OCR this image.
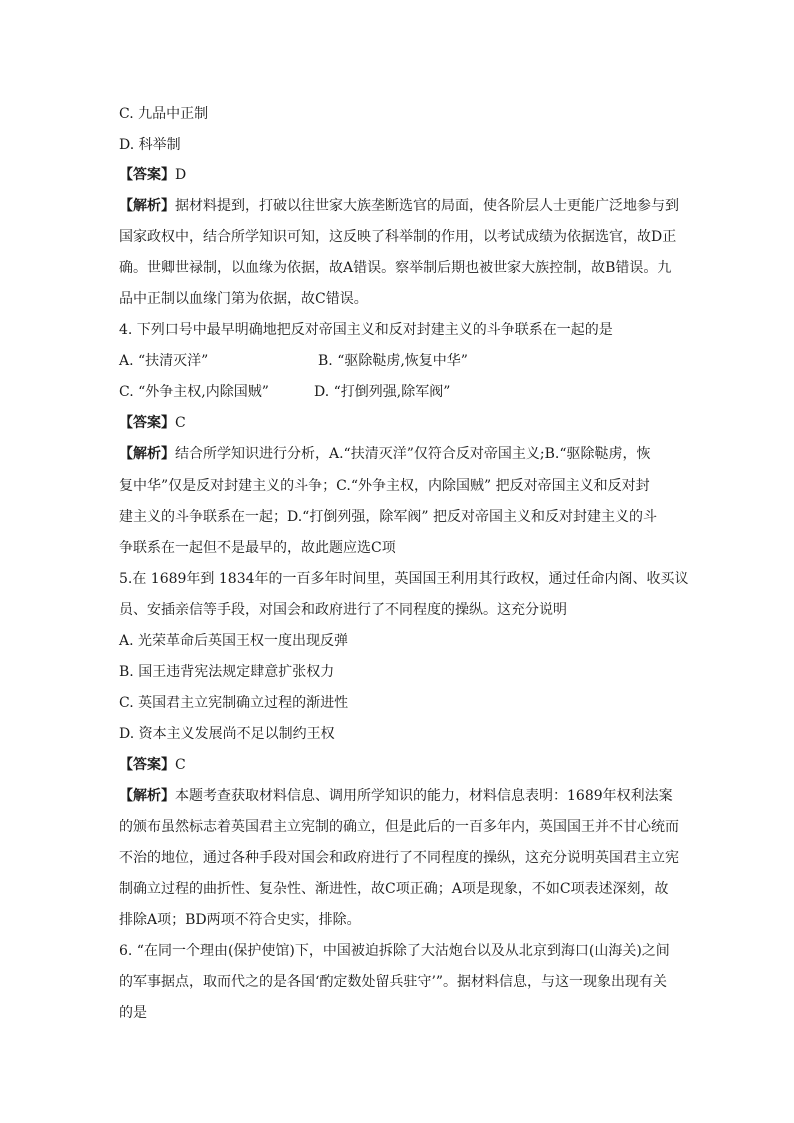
C. 九品中正制
D. 科举制
【答案】D
【解析】据材料提到，打破以往世家大族垄断选官的局面，使各阶层人士更能广泛地参与到
国家政权中，结合所学知识可知，这反映了科举制的作用，以考试成绩为依据选官，故D正
确。世卿世禄制，以血缘为依据，故A错误。察举制后期也被世家大族控制，故B错误。九
品中正制以血缘门第为依据，故C错误。
4. 下列口号中最早明确地把反对帝国主义和反对封建主义的斗争联系在一起的是
A. “扶清灭洋”	B. “驱除鞑虏,恢复中华”
C. “外争主权,内除国贼”	D. “打倒列强,除军阀”
【答案】C
【解析】结合所学知识进行分析，A.“扶清灭洋”仅符合反对帝国主义;B.“驱除鞑虏，恢
复中华”仅是反对封建主义的斗争；C.“外争主权，内除国贼” 把反对帝国主义和反对封
建主义的斗争联系在一起；D.“打倒列强，除军阀” 把反对帝国主义和反对封建主义的斗
争联系在一起但不是最早的，故此题应选C项
5.在 1689年到 1834年的一百多年时间里，英国国王利用其行政权，通过任命内阁、收买议
员、安插亲信等手段，对国会和政府进行了不同程度的操纵。这充分说明
A. 光荣革命后英国王权一度出现反弹
B. 国王违背宪法规定肆意扩张权力
C. 英国君主立宪制确立过程的渐进性
D. 资本主义发展尚不足以制约王权
【答案】C
【解析】本题考查获取材料信息、调用所学知识的能力，材料信息表明：1689年权利法案
的颁布虽然标志着英国君主立宪制的确立，但是此后的一百多年内，英国国王并不甘心统而
不治的地位，通过各种手段对国会和政府进行了不同程度的操纵，这充分说明英国君主立宪
制确立过程的曲折性、复杂性、渐进性，故C项正确；A项是现象，不如C项表述深刻，故
排除A项；BD两项不符合史实，排除。
6. “在同一个理由(保护使馆)下，中国被迫拆除了大沽炮台以及从北京到海口(山海关)之间
的军事据点，取而代之的是各国‘酌定数处留兵驻守’”。据材料信息，与这一现象出现有关
的是
